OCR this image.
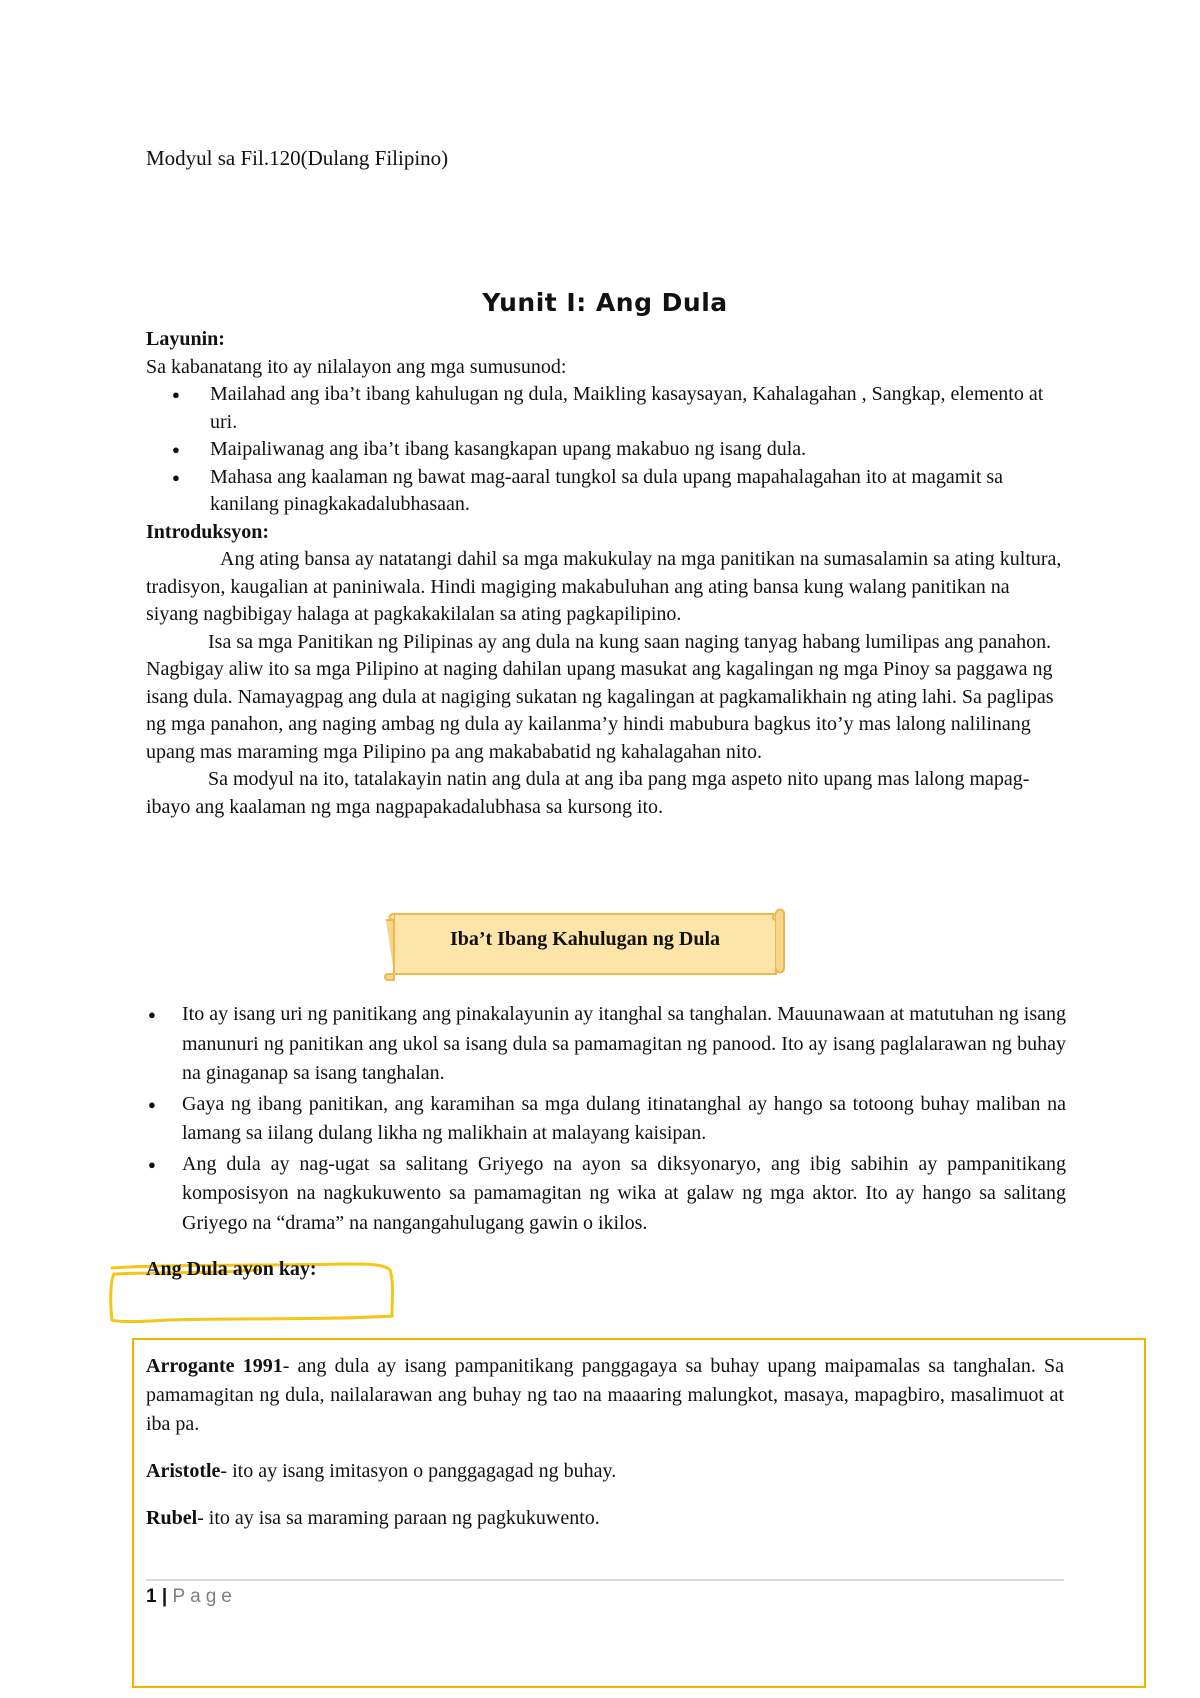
Modyul sa Fil.120(Dulang Filipino)
Yunit I: Ang Dula
Layunin:
Sa kabanatang ito ay nilalayon ang mga sumusunod:
● Mailahad ang iba’t ibang kahulugan ng dula, Maikling kasaysayan, Kahalagahan , Sangkap, elemento at uri.
● Maipaliwanag ang iba’t ibang kasangkapan upang makabuo ng isang dula.
● Mahasa ang kaalaman ng bawat mag-aaral tungkol sa dula upang mapahalagahan ito at magamit sa kanilang pinagkakadalubhasaan.
Introduksyon:

Ang ating bansa ay natatangi dahil sa mga makukulay na mga panitikan na sumasalamin sa ating kultura, tradisyon, kaugalian at paniniwala. Hindi magiging makabuluhan ang ating bansa kung walang panitikan na siyang nagbibigay halaga at pagkakakilalan sa ating pagkapilipino.

Isa sa mga Panitikan ng Pilipinas ay ang dula na kung saan naging tanyag habang lumilipas ang panahon. Nagbigay aliw ito sa mga Pilipino at naging dahilan upang masukat ang kagalingan ng mga Pinoy sa paggawa ng isang dula. Namayagpag ang dula at nagiging sukatan ng kagalingan at pagkamalikhain ng ating lahi. Sa paglipas ng mga panahon, ang naging ambag ng dula ay kailanma’y hindi mabubura bagkus ito’y mas lalong nalilinang upang mas maraming mga Pilipino pa ang makababatid ng kahalagahan nito.

Sa modyul na ito, tatalakayin natin ang dula at ang iba pang mga aspeto nito upang mas lalong mapag-ibayo ang kaalaman ng mga nagpapakadalubhasa sa kursong ito.

Iba’t Ibang Kahulugan ng Dula
● Ito ay isang uri ng panitikang ang pinakalayunin ay itanghal sa tanghalan. Mauunawaan at matutuhan ng isang manunuri ng panitikan ang ukol sa isang dula sa pamamagitan ng panood. Ito ay isang paglalarawan ng buhay na ginaganap sa isang tanghalan.
● Gaya ng ibang panitikan, ang karamihan sa mga dulang itinatanghal ay hango sa totoong buhay maliban na lamang sa iilang dulang likha ng malikhain at malayang kaisipan.
● Ang dula ay nag-ugat sa salitang Griyego na ayon sa diksyonaryo, ang ibig sabihin ay pampanitikang komposisyon na nagkukuwento sa pamamagitan ng wika at galaw ng mga aktor. Ito ay hango sa salitang Griyego na “drama” na nangangahulugang gawin o ikilos.
Ang Dula ayon kay:

Arrogante 1991- ang dula ay isang pampanitikang panggagaya sa buhay upang maipamalas sa tanghalan. Sa pamamagitan ng dula, nailalarawan ang buhay ng tao na maaaring malungkot, masaya, mapagbiro, masalimuot at iba pa.

Aristotle- ito ay isang imitasyon o panggagagad ng buhay.

Rubel- ito ay isa sa maraming paraan ng pagkukuwento.

1 | Page
